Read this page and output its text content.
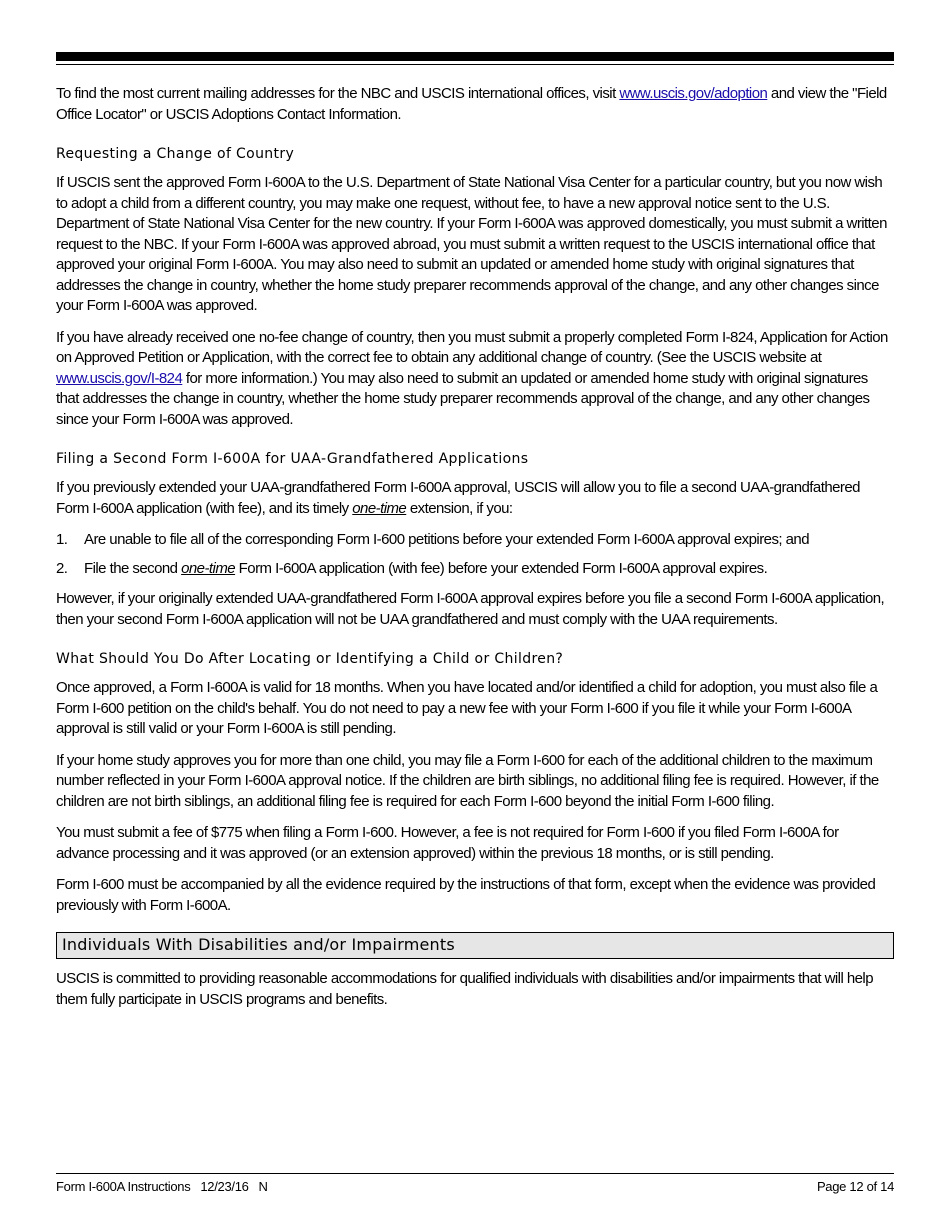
To find the most current mailing addresses for the NBC and USCIS international offices, visit www.uscis.gov/adoption and view the "Field Office Locator" or USCIS Adoptions Contact Information.

Requesting a Change of Country

If USCIS sent the approved Form I-600A to the U.S. Department of State National Visa Center for a particular country, but you now wish to adopt a child from a different country, you may make one request, without fee, to have a new approval notice sent to the U.S. Department of State National Visa Center for the new country. If your Form I-600A was approved domestically, you must submit a written request to the NBC. If your Form I-600A was approved abroad, you must submit a written request to the USCIS international office that approved your original Form I-600A. You may also need to submit an updated or amended home study with original signatures that addresses the change in country, whether the home study preparer recommends approval of the change, and any other changes since your Form I-600A was approved.

If you have already received one no-fee change of country, then you must submit a properly completed Form I-824, Application for Action on Approved Petition or Application, with the correct fee to obtain any additional change of country. (See the USCIS website at www.uscis.gov/I-824 for more information.) You may also need to submit an updated or amended home study with original signatures that addresses the change in country, whether the home study preparer recommends approval of the change, and any other changes since your Form I-600A was approved.

Filing a Second Form I-600A for UAA-Grandfathered Applications

If you previously extended your UAA-grandfathered Form I-600A approval, USCIS will allow you to file a second UAA-grandfathered Form I-600A application (with fee), and its timely one-time extension, if you:

1. Are unable to file all of the corresponding Form I-600 petitions before your extended Form I-600A approval expires; and
2. File the second one-time Form I-600A application (with fee) before your extended Form I-600A approval expires.

However, if your originally extended UAA-grandfathered Form I-600A approval expires before you file a second Form I-600A application, then your second Form I-600A application will not be UAA grandfathered and must comply with the UAA requirements.

What Should You Do After Locating or Identifying a Child or Children?

Once approved, a Form I-600A is valid for 18 months. When you have located and/or identified a child for adoption, you must also file a Form I-600 petition on the child's behalf. You do not need to pay a new fee with your Form I-600 if you file it while your Form I-600A approval is still valid or your Form I-600A is still pending.

If your home study approves you for more than one child, you may file a Form I-600 for each of the additional children to the maximum number reflected in your Form I-600A approval notice. If the children are birth siblings, no additional filing fee is required. However, if the children are not birth siblings, an additional filing fee is required for each Form I-600 beyond the initial Form I-600 filing.

You must submit a fee of $775 when filing a Form I-600. However, a fee is not required for Form I-600 if you filed Form I-600A for advance processing and it was approved (or an extension approved) within the previous 18 months, or is still pending.

Form I-600 must be accompanied by all the evidence required by the instructions of that form, except when the evidence was provided previously with Form I-600A.

Individuals With Disabilities and/or Impairments

USCIS is committed to providing reasonable accommodations for qualified individuals with disabilities and/or impairments that will help them fully participate in USCIS programs and benefits.

Form I-600A Instructions   12/23/16   N	Page 12 of 14
